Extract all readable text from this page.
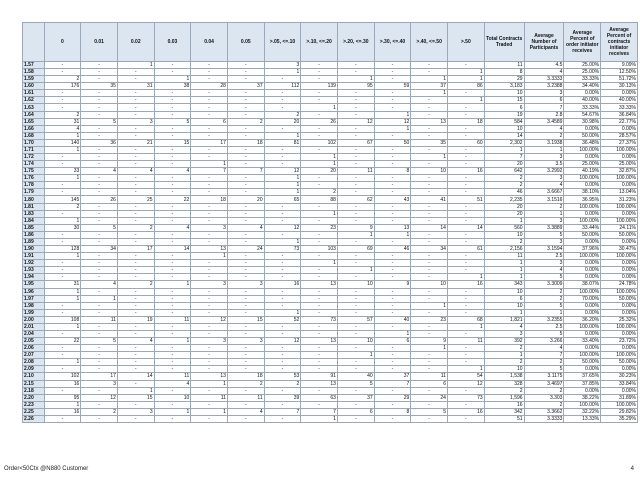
	0	0.01	0.02	0.03	0.04	0.05	>.05, <=.10	>.10, <=.20	>.20, <=.30	>.30, <=.40	>.40, <=.50	>.50	Total Contracts Traded	Average Number of Participants	Average Percent of order initiator receives	Average Percent of contracts initiator receives
1.57	-	-	1	-	-	-	3	-	-	-	-	-	11	4.5	25.00%	9.09%
1.58	-	-	-	-	-	-	1	-	-	-	-	1	8	4	25.00%	12.50%
1.59	2	-	-	1	-	-	-	-	1	-	1	1	29	3.3333	33.33%	51.72%
1.60	176	35	31	38	28	37	112	139	95	59	37	86	3,183	3.2388	34.40%	30.13%
1.61	-	-	-	-	-	-	-	-	-	-	1	-	10	3	0.00%	0.00%
1.62	-	-	-	-	-	-	-	-	-	-	-	1	15	6	40.00%	40.00%
1.63	-	-	-	-	-	-	-	1	-	-	-	-	6	7	33.33%	33.33%
1.64	2	-	-	-	-	-	2	-	-	1	-	-	19	2.8	54.67%	36.84%
1.65	31	5	3	5	6	2	20	26	12	12	13	18	584	3.4589	30.98%	22.77%
1.66	4	-	-	-	-	-	-	-	-	1	-	-	10	4	0.00%	0.00%
1.68	1	-	-	-	-	-	1	-	-	-	-	-	14	2	50.00%	28.57%
1.70	140	36	21	15	17	18	81	102	67	50	35	60	2,302	3.1938	36.48%	27.37%
1.71	1	-	-	-	-	-	-	-	-	-	-	-	1	1	100.00%	100.00%
1.72	-	-	-	-	-	-	-	1	-	-	1	-	7	3	0.00%	0.00%
1.74	-	-	-	-	1	-	-	1	-	-	-	-	20	3.5	25.00%	25.00%
1.75	33	4	4	4	7	7	12	20	11	8	10	16	642	3.2992	40.19%	32.87%
1.76	1	-	-	-	-	-	1	-	-	-	-	-	2	3	100.00%	100.00%
1.78	-	-	-	-	-	-	1	-	-	-	-	-	2	4	0.00%	0.00%
1.79	-	-	-	-	-	-	1	2	-	-	-	-	46	3.6667	38.10%	13.04%
1.80	145	26	25	22	18	20	65	88	62	43	41	51	2,235	3.1516	36.95%	31.23%
1.81	2	-	-	-	-	-	-	-	-	-	-	-	20	2	100.00%	100.00%
1.83	-	-	-	-	-	-	-	1	-	-	-	-	20	1	0.00%	0.00%
1.84	1	-	-	-	-	-	-	-	-	-	-	-	1	3	100.00%	100.00%
1.85	30	5	2	4	3	4	12	23	9	13	14	14	560	3.3889	33.44%	24.11%
1.86	-	-	-	-	-	-	-	-	1	1	-	-	10	5	50.00%	50.00%
1.89	-	-	-	-	-	-	1	-	-	-	-	-	2	3	0.00%	0.00%
1.90	128	34	17	14	13	24	73	103	69	46	34	61	2,156	3.1594	37.96%	30.47%
1.91	1	-	-	-	1	-	-	-	-	-	-	-	11	2.5	100.00%	100.00%
1.92	-	-	-	-	-	-	-	1	-	-	-	-	1	3	0.00%	0.00%
1.93	-	-	-	-	-	-	-	-	1	-	-	-	1	4	0.00%	0.00%
1.94	-	-	-	-	-	-	-	-	-	-	-	1	1	5	0.00%	0.00%
1.95	31	4	2	1	3	3	16	13	10	9	10	16	343	3.3009	38.07%	24.78%
1.96	1	-	-	-	-	-	-	-	-	-	-	-	10	2	100.00%	100.00%
1.97	1	1	-	-	-	-	-	-	-	-	-	-	6	2	70.00%	50.00%
1.98	-	-	-	-	-	-	-	-	-	-	1	-	10	5	0.00%	0.00%
1.99	-	-	-	-	-	-	1	-	-	-	-	-	1	1	0.00%	0.00%
2.00	108	11	19	11	12	15	52	73	57	40	23	68	1,821	3.2355	36.20%	25.32%
2.01	1	-	-	-	-	-	-	-	-	-	-	1	4	2.5	100.00%	100.00%
2.04	-	-	-	-	-	-	-	-	-	1	-	-	3	5	0.00%	0.00%
2.05	22	5	4	1	3	3	12	13	10	6	9	11	392	3.266	33.40%	23.72%
2.06	-	-	-	-	-	-	-	-	-	-	1	-	2	4	0.00%	0.00%
2.07	-	-	-	-	-	-	-	-	1	-	-	-	1	7	100.00%	100.00%
2.08	1	-	-	-	-	-	-	-	-	-	-	-	2	2	50.00%	50.00%
2.09	-	-	-	-	-	-	-	-	-	-	-	1	10	5	0.00%	0.00%
2.10	102	17	14	11	13	18	53	91	40	37	11	54	1,538	3.1175	37.65%	30.23%
2.15	16	3	-	4	1	2	2	13	5	7	6	12	328	3.4697	37.85%	33.84%
2.18	-	-	1	-	-	-	-	-	-	-	-	-	2	2	0.00%	0.00%
2.20	95	12	15	10	11	11	39	63	37	29	24	73	1,596	3.303	38.22%	31.89%
2.23	1	-	-	-	-	-	-	-	-	-	-	-	16	2	100.00%	100.00%
2.25	16	2	3	1	1	4	7	7	6	8	5	16	342	3.3662	32.22%	29.82%
2.26	-	-	-	-	-	-	-	1	-	-	-	-	51	3.3333	13.33%	35.29%
Order<50Ctx @N880 Customer	4
